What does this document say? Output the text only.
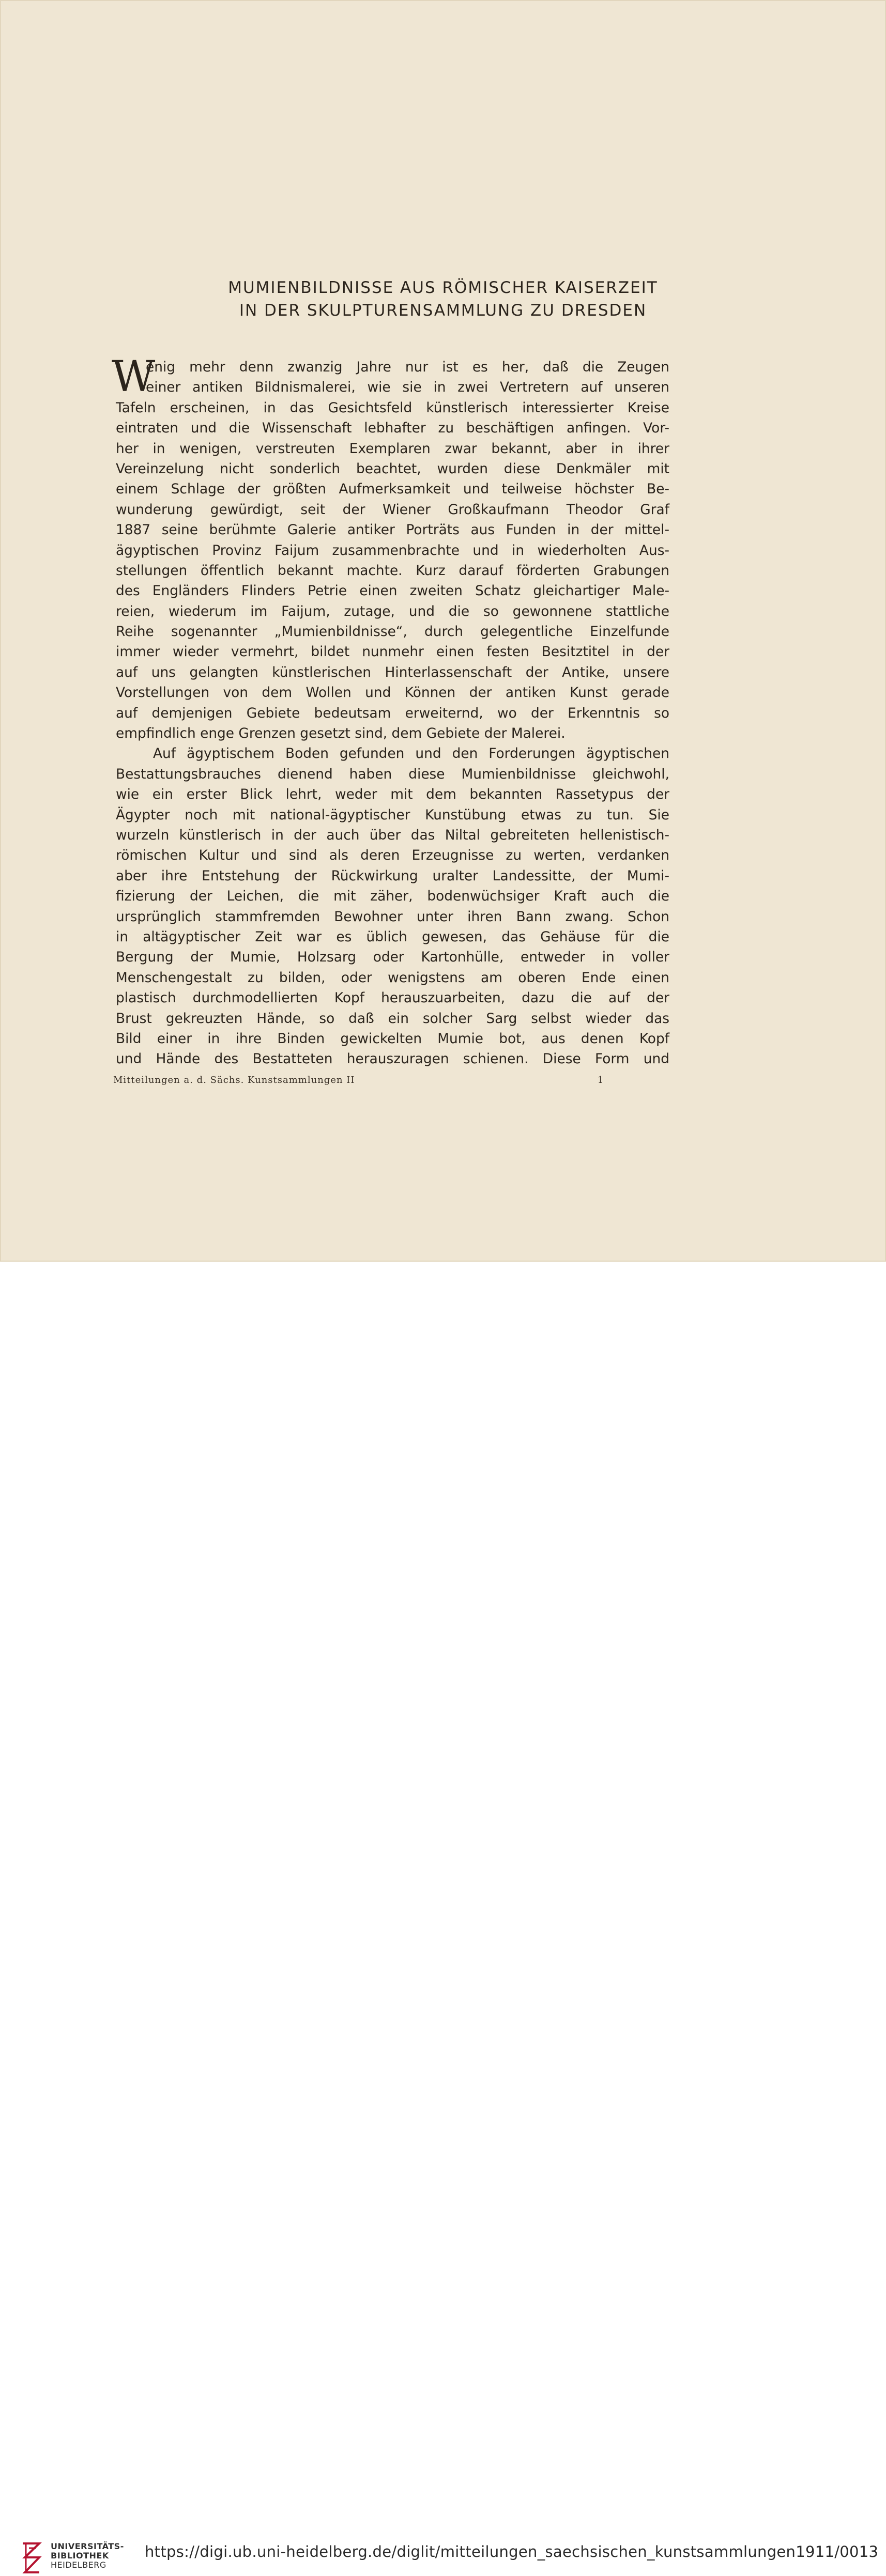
MUMIENBILDNISSE AUS RÖMISCHER KAISERZEIT
IN DER SKULPTURENSAMMLUNG ZU DRESDEN
W
enig mehr denn zwanzig Jahre nur ist es her, daß die Zeugen
einer antiken Bildnismalerei, wie sie in zwei Vertretern auf unseren
Tafeln erscheinen, in das Gesichtsfeld künstlerisch interessierter Kreise
eintraten und die Wissenschaft lebhafter zu beschäftigen anfingen. Vor-
her in wenigen, verstreuten Exemplaren zwar bekannt, aber in ihrer
Vereinzelung nicht sonderlich beachtet, wurden diese Denkmäler mit
einem Schlage der größten Aufmerksamkeit und teilweise höchster Be-
wunderung gewürdigt, seit der Wiener Großkaufmann Theodor Graf
1887 seine berühmte Galerie antiker Porträts aus Funden in der mittel-
ägyptischen Provinz Faijum zusammenbrachte und in wiederholten Aus-
stellungen öffentlich bekannt machte. Kurz darauf förderten Grabungen
des Engländers Flinders Petrie einen zweiten Schatz gleichartiger Male-
reien, wiederum im Faijum, zutage, und die so gewonnene stattliche
Reihe sogenannter „Mumienbildnisse“, durch gelegentliche Einzelfunde
immer wieder vermehrt, bildet nunmehr einen festen Besitztitel in der
auf uns gelangten künstlerischen Hinterlassenschaft der Antike, unsere
Vorstellungen von dem Wollen und Können der antiken Kunst gerade
auf demjenigen Gebiete bedeutsam erweiternd, wo der Erkenntnis so
empfindlich enge Grenzen gesetzt sind, dem Gebiete der Malerei.
Auf ägyptischem Boden gefunden und den Forderungen ägyptischen
Bestattungsbrauches dienend haben diese Mumienbildnisse gleichwohl,
wie ein erster Blick lehrt, weder mit dem bekannten Rassetypus der
Ägypter noch mit national-ägyptischer Kunstübung etwas zu tun. Sie
wurzeln künstlerisch in der auch über das Niltal gebreiteten hellenistisch-
römischen Kultur und sind als deren Erzeugnisse zu werten, verdanken
aber ihre Entstehung der Rückwirkung uralter Landessitte, der Mumi-
fizierung der Leichen, die mit zäher, bodenwüchsiger Kraft auch die
ursprünglich stammfremden Bewohner unter ihren Bann zwang. Schon
in altägyptischer Zeit war es üblich gewesen, das Gehäuse für die
Bergung der Mumie, Holzsarg oder Kartonhülle, entweder in voller
Menschengestalt zu bilden, oder wenigstens am oberen Ende einen
plastisch durchmodellierten Kopf herauszuarbeiten, dazu die auf der
Brust gekreuzten Hände, so daß ein solcher Sarg selbst wieder das
Bild einer in ihre Binden gewickelten Mumie bot, aus denen Kopf
und Hände des Bestatteten herauszuragen schienen. Diese Form und
Mitteilungen a. d. Sächs. Kunstsammlungen II	1
UNIVERSITÄTS-
BIBLIOTHEK
HEIDELBERG
https://digi.ub.uni-heidelberg.de/diglit/mitteilungen_saechsischen_kunstsammlungen1911/0013
